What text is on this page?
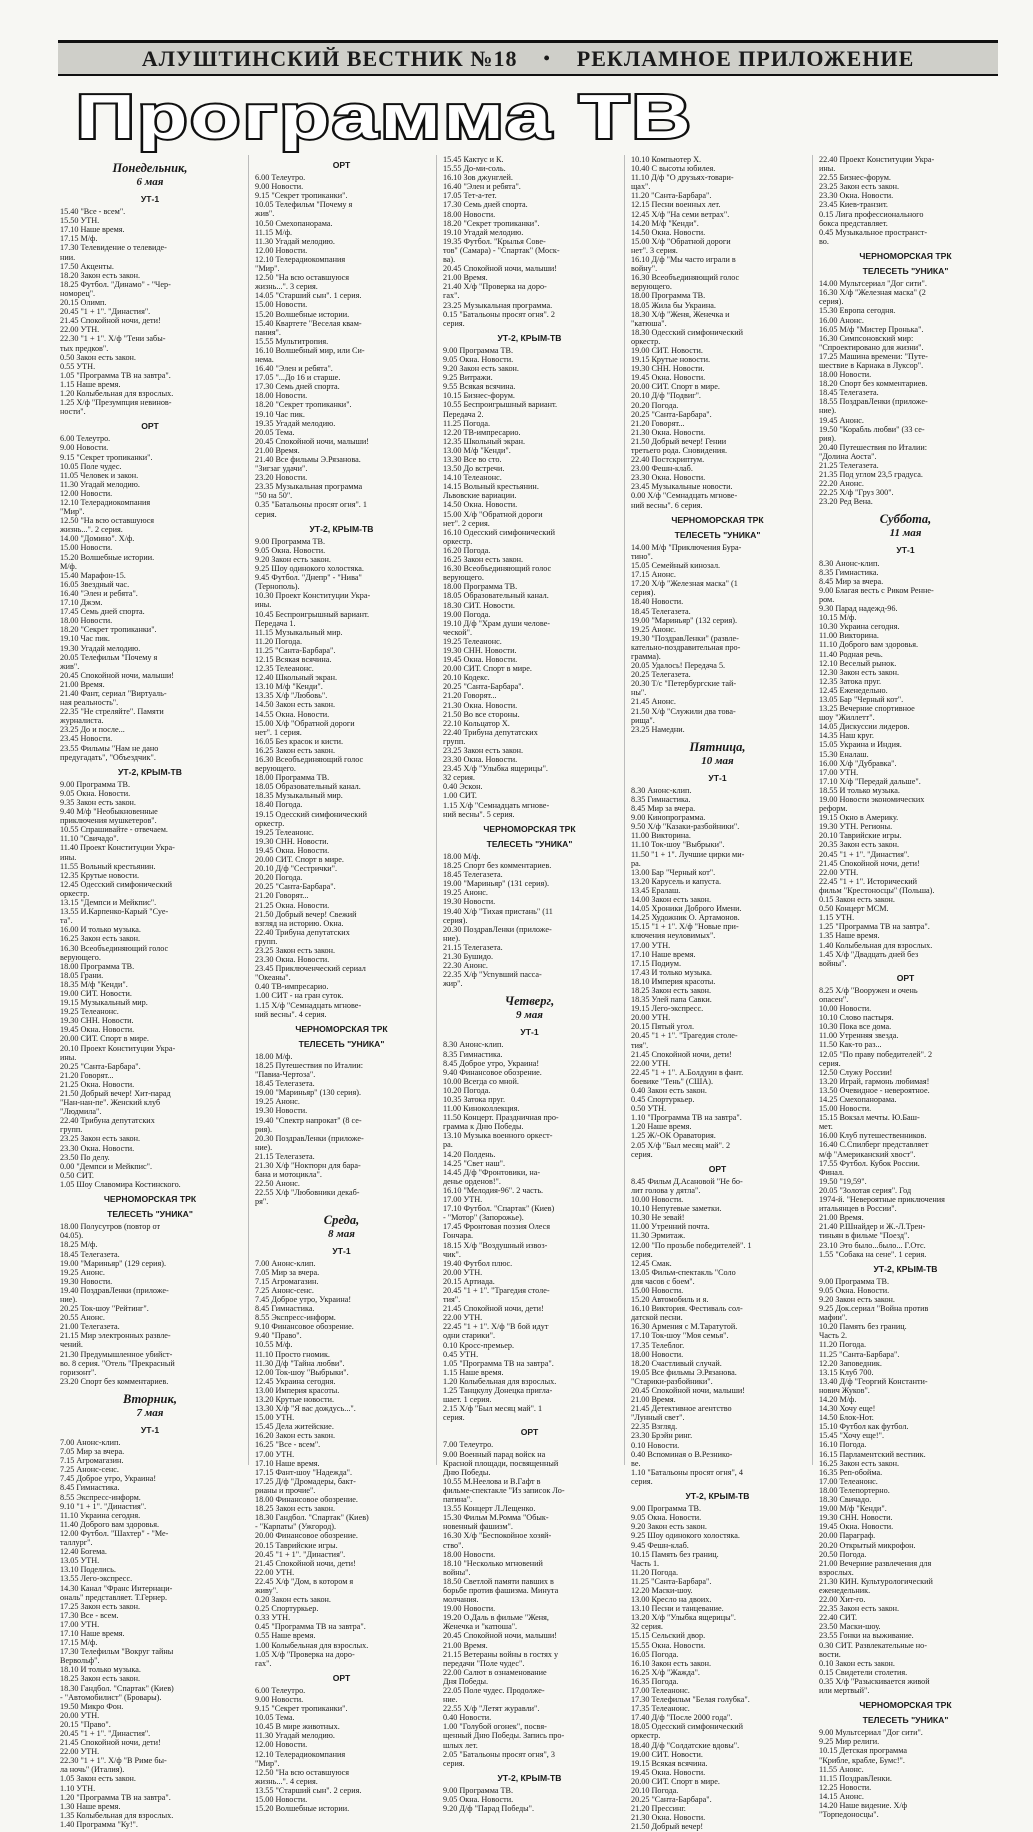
АЛУШТИНСКИЙ ВЕСТНИК №18 • РЕКЛАМНОЕ ПРИЛОЖЕНИЕ
Программа ТВ
Понедельник,
6 мая
УТ-1
15.40 "Все - всем".
15.50 УТН.
17.10 Наше время.
17.15 М/ф.
17.30 Телевидение о телевиде-
нии.
17.50 Акценты.
18.20 Закон есть закон.
18.25 Футбол. "Динамо" - "Чер-
номорец".
20.15 Олимп.
20.45 "1 + 1". "Династия".
21.45 Спокойной ночи, дети!
22.00 УТН.
22.30 "1 + 1". Х/ф "Тени забы-
тых предков".
0.50 Закон есть закон.
0.55 УТН.
1.05 "Программа ТВ на завтра".
1.15 Наше время.
1.20 Колыбельная для взрослых.
1.25 Х/ф "Презумпция невинов-
ности".
ОРТ
6.00 Телеутро.
9.00 Новости.
9.15 "Секрет тропиканки".
10.05 Поле чудес.
11.05 Человек и закон.
11.30 Угадай мелодию.
12.00 Новости.
12.10 Телерадиокомпания
"Мир".
12.50 "На всю оставшуюся
жизнь...". 2 серия.
14.00 "Домино". Х/ф.
15.00 Новости.
15.20 Волшебные истории.
М/ф.
15.40 Марафон-15.
16.05 Звездный час.
16.40 "Элен и ребята".
17.10 Джэм.
17.45 Семь дней спорта.
18.00 Новости.
18.20 "Секрет тропиканки".
19.10 Час пик.
19.30 Угадай мелодию.
20.05 Телефильм "Почему я
жив".
20.45 Спокойной ночи, малыши!
21.00 Время.
21.40 Фант, сериал "Виртуаль-
ная реальность".
22.35 "Не стреляйте". Памяти
журналиста.
23.25 До и после...
23.45 Новости.
23.55 Фильмы "Нам не дано
предугадать", "Объездчик".
УТ-2, КРЫМ-ТВ
9.00 Программа ТВ.
9.05 Окна. Новости.
9.35 Закон есть закон.
9.40 М/ф "Необыкновенные
приключения мушкетеров".
10.55 Спрашивайте - отвечаем.
11.10 "Свичадо".
11.40 Проект Конституции Укра-
ины.
11.55 Вольный крестьянин.
12.35 Крутые новости.
12.45 Одесский симфонический
оркестр.
13.15 "Демпси и Мейкпис".
13.55 И.Карпенко-Карый "Суе-
та".
16.00 И только музыка.
16.25 Закон есть закон.
16.30 Всеобъединяющий голос
верующего.
18.00 Программа ТВ.
18.05 Грани.
18.35 М/ф "Кенди".
19.00 СИТ. Новости.
19.15 Музыкальный мир.
19.25 Телеанонс.
19.30 СНН. Новости.
19.45 Окна. Новости.
20.00 СИТ. Спорт в мире.
20.10 Проект Конституции Укра-
ины.
20.25 "Санта-Барбара".
21.20 Говорят...
21.25 Окна. Новости.
21.50 Добрый вечер! Хит-парад
"Нан-нан-пе". Женский клуб
"Людмила".
22.40 Трибуна депутатских
групп.
23.25 Закон есть закон.
23.30 Окна. Новости.
23.50 По делу.
0.00 "Демпси и Мейкпис".
0.50 СИТ.
1.05 Шоу Славомира Костинского.
ЧЕРНОМОРСКАЯ ТРК
ТЕЛЕСЕТЬ "УНИКА"
18.00 Полусутров (повтор от
04.05).
18.25 М/ф.
18.45 Телегазета.
19.00 "Мариньяр" (129 серия).
19.25 Анонс.
19.30 Новости.
19.40 ПоздравЛенки (приложе-
ние).
20.25 Ток-шоу "Рейтинг".
20.55 Анонс.
21.00 Телегазета.
21.15 Мир электронных развле-
чений.
21.30 Предумышленное убийст-
во. 8 серия. "Отель "Прекрасный
горизонт".
23.20 Спорт без комментариев.
Вторник,
7 мая
УТ-1
7.00 Анонс-клип.
7.05 Мир за вчера.
7.15 Агромагазин.
7.25 Анонс-сенс.
7.45 Доброе утро, Украина!
8.45 Гимнастика.
8.55 Экспресс-информ.
9.10 "1 + 1". "Династия".
11.10 Украина сегодня.
11.40 Доброго вам здоровья.
12.00 Футбол. "Шахтер" - "Ме-
таллург".
12.40 Богема.
13.05 УТН.
13.10 Поделись.
13.55 Лего-экспресс.
14.30 Канал "Франс Интернаци-
ональ" представляет. Т.Гернер.
17.25 Закон есть закон.
17.30 Все - всем.
17.00 УТН.
17.10 Наше время.
17.15 М/ф.
17.30 Телефильм "Вокруг тайны
Вервольф".
18.10 И только музыка.
18.25 Закон есть закон.
18.30 Гандбол. "Спартак" (Киев)
- "Автомобилист" (Бровары).
19.50 Микро Фон.
20.00 УТН.
20.15 "Право".
20.45 "1 + 1". "Династия".
21.45 Спокойной ночи, дети!
22.00 УТН.
22.30 "1 + 1". Х/ф "В Риме бы-
ла ночь" (Италия).
1.05 Закон есть закон.
1.10 УТН.
1.20 "Программа ТВ на завтра".
1.30 Наше время.
1.35 Колыбельная для взрослых.
1.40 Программа "Ку!".
ОРТ
6.00 Телеутро.
9.00 Новости.
9.15 "Секрет тропиканки".
10.05 Телефильм "Почему я
жив".
10.50 Смехопанорама.
11.15 М/ф.
11.30 Угадай мелодию.
12.00 Новости.
12.10 Телерадиокомпания
"Мир".
12.50 "На всю оставшуюся
жизнь...". 3 серия.
14.05 "Старший сын". 1 серия.
15.00 Новости.
15.20 Волшебные истории.
15.40 Квартете "Веселая квам-
пания".
15.55 Мультитропия.
16.10 Волшебный мир, или Си-
нема.
16.40 "Элен и ребята".
17.05 "...До 16 и старше.
17.30 Семь дней спорта.
18.00 Новости.
18.20 "Секрет тропиканки".
19.10 Час пик.
19.35 Угадай мелодию.
20.05 Тема.
20.45 Спокойной ночи, малыши!
21.00 Время.
21.40 Все фильмы Э.Рязанова.
"Зигзаг удачи".
23.20 Новости.
23.35 Музыкальная программа
"50 на 50".
0.35 "Батальоны просят огня". 1
серия.
УТ-2, КРЫМ-ТВ
9.00 Программа ТВ.
9.05 Окна. Новости.
9.20 Закон есть закон.
9.25 Шоу одинокого холостяка.
9.45 Футбол. "Днепр" - "Нива"
(Тернополь).
10.30 Проект Конституции Укра-
ины.
10.45 Беспроигрышный вариант.
Передача 1.
11.15 Музыкальный мир.
11.20 Погода.
11.25 "Санта-Барбара".
12.15 Всякая всячина.
12.35 Телеанонс.
12.40 Школьный экран.
13.10 М/ф "Кенди".
13.35 Х/ф "Любовь".
14.50 Закон есть закон.
14.55 Окна. Новости.
15.00 Х/ф "Обратной дороги
нет". 1 серия.
16.05 Без красок и кисти.
16.25 Закон есть закон.
16.30 Всеобъединяющий голос
верующего.
18.00 Программа ТВ.
18.05 Образовательный канал.
18.35 Музыкальный мир.
18.40 Погода.
19.15 Одесский симфонический
оркестр.
19.25 Телеанонс.
19.30 СНН. Новости.
19.45 Окна. Новости.
20.00 СИТ. Спорт в мире.
20.10 Д/ф "Сестрички".
20.20 Погода.
20.25 "Санта-Барбара".
21.20 Говорят...
21.25 Окна. Новости.
21.50 Добрый вечер! Свежий
взгляд на историю. Окна.
22.40 Трибуна депутатских
групп.
23.25 Закон есть закон.
23.30 Окна. Новости.
23.45 Приключенческий сериал
"Океаны".
0.40 ТВ-импресарио.
1.00 СИТ - на гран суток.
1.15 Х/ф "Семнадцать мгнове-
ний весны". 4 серия.
ЧЕРНОМОРСКАЯ ТРК
ТЕЛЕСЕТЬ "УНИКА"
18.00 М/ф.
18.25 Путешествия по Италии:
"Павиа-Чертоза".
18.45 Телегазета.
19.00 "Мариньяр" (130 серия).
19.25 Анонс.
19.30 Новости.
19.40 "Спектр напрокат" (8 се-
рия).
20.30 ПоздравЛенки (приложе-
ние).
21.15 Телегазета.
21.30 Х/ф "Ноктюрн для бара-
бана и мотоцикла".
22.50 Анонс.
22.55 Х/ф "Любовники декаб-
ря".
Среда,
8 мая
УТ-1
7.00 Анонс-клип.
7.05 Мир за вчера.
7.15 Агромагазин.
7.25 Анонс-сенс.
7.45 Доброе утро, Украина!
8.45 Гимнастика.
8.55 Экспресс-информ.
9.10 Финансовое обозрение.
9.40 "Право".
10.55 М/ф.
11.10 Просто гномик.
11.30 Д/ф "Тайна любви".
12.00 Ток-шоу "Выбрыки".
12.45 Украина сегодня.
13.00 Империя красоты.
13.20 Крутые новости.
13.30 Х/ф "Я вас дождусь...".
15.00 УТН.
15.45 Дела житейские.
16.20 Закон есть закон.
16.25 "Все - всем".
17.00 УТН.
17.10 Наше время.
17.15 Фант-шоу "Надежда".
17.25 Д/ф "Дромадеры, бакт-
рианы и прочие".
18.00 Финансовое обозрение.
18.25 Закон есть закон.
18.30 Гандбол. "Спартак" (Киев)
- "Карпаты" (Ужгород).
20.00 Финансовое обозрение.
20.15 Таврийские игры.
20.45 "1 + 1". "Династия".
21.45 Спокойной ночи, дети!
22.00 УТН.
22.45 Х/ф "Дом, в котором я
живу".
0.20 Закон есть закон.
0.25 Спортуркьер.
0.33 УТН.
0.45 "Программа ТВ на завтра".
0.55 Наше время.
1.00 Колыбельная для взрослых.
1.05 Х/ф "Проверка на доро-
гах".
ОРТ
6.00 Телеутро.
9.00 Новости.
9.15 "Секрет тропиканки".
10.05 Тема.
10.45 В мире животных.
11.30 Угадай мелодию.
12.00 Новости.
12.10 Телерадиокомпания
"Мир".
12.50 "На всю оставшуюся
жизнь...". 4 серия.
13.55 "Старший сын". 2 серия.
15.00 Новости.
15.20 Волшебные истории.
15.45 Кактус и К.
15.55 До-ми-соль.
16.10 Зов джунглей.
16.40 "Элен и ребята".
17.05 Тет-а-тет.
17.30 Семь дней спорта.
18.00 Новости.
18.20 "Секрет тропиканки".
19.10 Угадай мелодию.
19.35 Футбол. "Крылья Сове-
тов" (Самара) - "Спартак" (Моск-
ва).
20.45 Спокойной ночи, малыши!
21.00 Время.
21.40 Х/ф "Проверка на доро-
гах".
23.25 Музыкальная программа.
0.15 "Батальоны просят огня". 2
серия.
УТ-2, КРЫМ-ТВ
9.00 Программа ТВ.
9.05 Окна. Новости.
9.20 Закон есть закон.
9.25 Витражи.
9.55 Всякая всячина.
10.15 Бизнес-форум.
10.55 Беспроигрышный вариант.
Передача 2.
11.25 Погода.
12.20 ТВ-импресарио.
12.35 Школьный экран.
13.00 М/ф "Кенди".
13.30 Все во сто.
13.50 До встречи.
14.10 Телеанонс.
14.15 Вольный крестьянин.
Львовские вариации.
14.50 Окна. Новости.
15.00 Х/ф "Обратной дороги
нет". 2 серия.
16.10 Одесский симфонический
оркестр.
16.20 Погода.
16.25 Закон есть закон.
16.30 Всеобъединяющий голос
верующего.
18.00 Программа ТВ.
18.05 Образовательный канал.
18.30 СИТ. Новости.
19.00 Погода.
19.10 Д/ф "Храм души челове-
ческой".
19.25 Телеанонс.
19.30 СНН. Новости.
19.45 Окна. Новости.
20.00 СИТ. Спорт в мире.
20.10 Кодекс.
20.25 "Санта-Барбара".
21.20 Говорят...
21.30 Окна. Новости.
21.50 Во все стороны.
22.10 Кольцатор Х.
22.40 Трибуна депутатских
групп.
23.25 Закон есть закон.
23.30 Окна. Новости.
23.45 Х/ф "Улыбка ящерицы".
32 серия.
0.40 Эскон.
1.00 СИТ.
1.15 Х/ф "Семнадцать мгнове-
ний весны". 5 серия.
ЧЕРНОМОРСКАЯ ТРК
ТЕЛЕСЕТЬ "УНИКА"
18.00 М/ф.
18.25 Спорт без комментариев.
18.45 Телегазета.
19.00 "Мариньяр" (131 серия).
19.25 Анонс.
19.30 Новости.
19.40 Х/ф "Тихая пристань" (11
серия).
20.30 ПоздравЛенки (приложе-
ние).
21.15 Телегазета.
21.30 Бушидо.
22.30 Анонс.
22.35 Х/ф "Усnувший пасса-
жир".
Четверг,
9 мая
УТ-1
8.30 Анонс-клип.
8.35 Гимнастика.
8.45 Доброе утро, Украина!
9.40 Финансовое обозрение.
10.00 Всегда со мной.
10.20 Погода.
10.35 Затока пруг.
11.00 Киноколлекция.
11.50 Концерт. Праздничная про-
грамма к Дню Победы.
13.10 Музыка военного оркест-
ра.
14.20 Полдень.
14.25 "Свет наш".
14.45 Д/ф "Фронтовики, на-
денье орденов!".
16.10 "Мелодия-96". 2 часть.
17.00 УТН.
17.10 Футбол. "Спартак" (Киев)
- "Мотор" (Запорожье).
17.45 Фронтовая поэзия Олеся
Гончара.
18.15 Х/ф "Воздушный извоз-
чик".
19.40 Футбол плюс.
20.00 УТН.
20.15 Артиада.
20.45 "1 + 1". "Трагедия столе-
тия".
21.45 Спокойной ночи, дети!
22.00 УТН.
22.45 "1 + 1". Х/ф "В бой идут
одни старики".
0.10 Кросс-премьер.
0.45 УТН.
1.05 "Программа ТВ на завтра".
1.15 Наше время.
1.20 Колыбельная для взрослых.
1.25 Танцкулу Донецка пригла-
шает. 1 серия.
2.15 Х/ф "Был месяц май". 1
серия.
ОРТ
7.00 Телеутро.
9.00 Военный парад войск на
Красной площади, посвященный
Дню Победы.
10.55 М.Неелова и В.Гафт в
фильме-спектакле "Из записок Ло-
патина".
13.55 Концерт Л.Лещенко.
15.30 Фильм М.Ромма "Обык-
новенный фашизм".
16.30 Х/ф "Беспокойное хозяй-
ство".
18.00 Новости.
18.10 "Несколько мгновений
войны".
18.50 Светлой памяти павших в
борьбе против фашизма. Минута
молчания.
19.00 Новости.
19.20 О.Даль в фильме "Женя,
Женечка и "катюша".
20.45 Спокойной ночи, малыши!
21.00 Время.
21.15 Ветераны войны в гостях у
передачи "Поле чудес".
22.00 Салют в ознаменование
Дня Победы.
22.05 Поле чудес. Продолже-
ние.
22.55 Х/ф "Летят журавли".
0.40 Новости.
1.00 "Голубой огонек", посвя-
щенный Дню Победы. Запись про-
шлых лет.
2.05 "Батальоны просят огня", 3
серия.
УТ-2, КРЫМ-ТВ
9.00 Программа ТВ.
9.05 Окна. Новости.
9.20 Д/ф "Парад Победы".
10.10 Компьютер Х.
10.40 С высоты юбилея.
11.10 Д/ф "О друзьях-товари-
щах".
11.20 "Санта-Барбара".
12.15 Песни военных лет.
12.45 Х/ф "На семи ветрах".
14.20 М/ф "Кенди".
14.50 Окна. Новости.
15.00 Х/ф "Обратной дороги
нет". 3 серия.
16.10 Д/ф "Мы часто играли в
войну".
16.30 Всеобъединяющий голос
верующего.
18.00 Программа ТВ.
18.05 Жила бы Украина.
18.30 Х/ф "Женя, Женечка и
"катюша".
18.30 Одесский симфонический
оркестр.
19.00 СИТ. Новости.
19.15 Крутые новости.
19.30 СНН. Новости.
19.45 Окна. Новости.
20.00 СИТ. Спорт в мире.
20.10 Д/ф "Подвиг".
20.20 Погода.
20.25 "Санта-Барбара".
21.20 Говорят...
21.30 Окна. Новости.
21.50 Добрый вечер! Гении
третьего рода. Сновидения.
22.40 Постскриптум.
23.00 Фешн-клаб.
23.30 Окна. Новости.
23.45 Музыкальные новости.
0.00 Х/ф "Семнадцать мгнове-
ний весны". 6 серия.
ЧЕРНОМОРСКАЯ ТРК
ТЕЛЕСЕТЬ "УНИКА"
14.00 М/ф "Приключения Бура-
тино".
15.05 Семейный кинозал.
17.15 Анонс.
17.20 Х/ф "Железная маска" (1
серия).
18.40 Новости.
18.45 Телегазета.
19.00 "Мариньяр" (132 серия).
19.25 Анонс.
19.30 "ПоздравЛенки" (развле-
кательно-поздравительная про-
грамма).
20.05 Удалось! Передача 5.
20.25 Телегазета.
20.30 Т/с "Петербургские тай-
ны".
21.45 Анонс.
21.50 Х/ф "Служили два това-
рища".
23.25 Намедни.
Пятница,
10 мая
УТ-1
8.30 Анонс-клип.
8.35 Гимнастика.
8.45 Мир за вчера.
9.00 Кинопрограмма.
9.50 Х/ф "Казаки-разбойники".
11.00 Викторина.
11.10 Ток-шоу "Выбрыки".
11.50 "1 + 1". Лучшие цирки ми-
ра.
13.00 Бар "Черный кот".
13.20 Карусель и капуста.
13.45 Ералаш.
14.00 Закон есть закон.
14.05 Хроники Доброго Имени.
14.25 Художник О. Артамонов.
15.15 "1 + 1". Х/ф "Новые при-
ключения неуловимых".
17.00 УТН.
17.10 Наше время.
17.15 Подиум.
17.43 И только музыка.
18.10 Империя красоты.
18.25 Закон есть закон.
18.35 Улей папа Савки.
19.15 Лего-экспресс.
20.00 УТН.
20.15 Пятый угол.
20.45 "1 + 1". "Трагедия столе-
тия".
21.45 Спокойной ночи, дети!
22.00 УТН.
22.45 "1 + 1". А.Болдуин в фант.
боевике "Тень" (США).
0.40 Закон есть закон.
0.45 Спортуркьер.
0.50 УТН.
1.10 "Программа ТВ на завтра".
1.20 Наше время.
1.25 Ж/-ОК Ораватория.
2.05 Х/ф "Был месяц май". 2
серия.
ОРТ
8.45 Фильм Д.Асановой "Не бо-
лит голова у дятла".
10.00 Новости.
10.10 Непутевые заметки.
10.30 Не зевай!
11.00 Утренний почта.
11.30 Эрмитаж.
12.00 "По прозьбе победителей". 1
серия.
12.45 Смак.
13.05 Фильм-спектакль "Соло
для часов с боем".
15.00 Новости.
15.20 Автомобиль и я.
16.10 Виктория. Фестиваль сол-
датской песни.
16.30 Армения с М.Таратутой.
17.10 Ток-шоу "Моя семья".
17.35 Телеблог.
18.00 Новости.
18.20 Счастливый случай.
19.05 Все фильмы Э.Рязанова.
"Старики-разбойники".
20.45 Спокойной ночи, малыши!
21.00 Время.
21.45 Детективное агентство
"Лунный свет".
22.35 Взгляд.
23.30 Брэйн ринг.
0.10 Новости.
0.40 Вспоминая о В.Резнико-
ве.
1.10 "Батальоны просят огня", 4
серия.
УТ-2, КРЫМ-ТВ
9.00 Программа ТВ.
9.05 Окна. Новости.
9.20 Закон есть закон.
9.25 Шоу одинокого холостяка.
9.45 Фешн-клаб.
10.15 Память без границ.
Часть 1.
11.20 Погода.
11.25 "Санта-Барбара".
12.20 Маски-шоу.
13.00 Кресло на двоих.
13.10 Песни и танцевание.
13.20 Х/ф "Улыбка ящерицы".
32 серия.
15.15 Сельский двор.
15.55 Окна. Новости.
16.05 Погода.
16.10 Закон есть закон.
16.25 Х/ф "Жажда".
16.35 Погода.
17.00 Телеанонс.
17.30 Телефильм "Белая голубка".
17.35 Телеанонс.
17.40 Д/ф "После 2000 года".
18.05 Одесский симфонический
оркестр.
18.40 Д/ф "Солдатские вдовы".
19.00 СИТ. Новости.
19.15 Всякая всячина.
19.45 Окна. Новости.
20.00 СИТ. Спорт в мире.
20.10 Погода.
20.25 "Санта-Барбара".
21.20 Прессинг.
21.30 Окна. Новости.
21.50 Добрый вечер!
22.40 Проект Конституции Укра-
ины.
22.55 Бизнес-форум.
23.25 Закон есть закон.
23.30 Окна. Новости.
23.45 Киев-транзит.
0.15 Лига профессионального
бокса представляет.
0.45 Музыкальное пространст-
во.
ЧЕРНОМОРСКАЯ ТРК
ТЕЛЕСЕТЬ "УНИКА"
14.00 Мультсериал "Дог сити".
16.30 Х/ф "Железная маска" (2
серия).
15.30 Европа сегодня.
16.00 Анонс.
16.05 М/ф "Мистер Пронька".
16.30 Симпсоновский мир:
"Спроектировано для жизни".
17.25 Машина времени: "Путе-
шествие в Карнака в Луксор".
18.00 Новости.
18.20 Спорт без комментариев.
18.45 Телегазета.
18.55 ПоздравЛенки (приложе-
ние).
19.45 Анонс.
19.50 "Корабль любви" (33 се-
рия).
20.40 Путешествия по Италии:
"Долина Аоста".
21.25 Телегазета.
21.35 Под углом 23,5 градуса.
22.20 Анонс.
22.25 Х/ф "Груз 300".
23.20 Ред Вена.
Суббота,
11 мая
УТ-1
8.30 Анонс-клип.
8.35 Гимнастика.
8.45 Мир за вчера.
9.00 Благая весть с Риком Ренне-
ром.
9.30 Парад надежд-96.
10.15 М/ф.
10.30 Украина сегодня.
11.00 Викторина.
11.10 Доброго вам здоровья.
11.40 Родная речь.
12.10 Веселый рынок.
12.30 Закон есть закон.
12.35 Затока пруг.
12.45 Еженедельно.
13.05 Бар "Черный кот".
13.25 Вечерние спортивное
шоу "Жиллетт".
14.05 Дискуссии лидеров.
14.35 Наш круг.
15.05 Украина и Индия.
15.30 Еналаш.
16.00 Х/ф "Дубравка".
17.00 УТН.
17.10 Х/ф "Передай дальше".
18.55 И только музыка.
19.00 Новости экономических
реформ.
19.15 Окно в Америку.
19.30 УТН. Регионы.
20.10 Таврийские игры.
20.35 Закон есть закон.
20.45 "1 + 1". "Династия".
21.45 Спокойной ночи, дети!
22.00 УТН.
22.45 "1 + 1". Исторический
фильм "Крестоносцы" (Польша).
0.15 Закон есть закон.
0.50 Концерт МСМ.
1.15 УТН.
1.25 "Программа ТВ на завтра".
1.35 Наше время.
1.40 Колыбельная для взрослых.
1.45 Х/ф "Двадцать дней без
войны".
ОРТ
8.25 Х/ф "Вооружен и очень
опасен".
10.00 Новости.
10.10 Слово пастыря.
10.30 Пока все дома.
11.00 Утренняя звезда.
11.50 Как-то раз...
12.05 "По праву победителей". 2
серия.
12.50 Служу России!
13.20 Играй, гармонь любимая!
13.50 Очевидное - невероятное.
14.25 Смехопанорама.
15.00 Новости.
15.15 Вокзал мечты. Ю.Баш-
мет.
16.00 Клуб путешественников.
16.40 С.Спилберг представляет
м/ф "Американский хвост".
17.55 Футбол. Кубок России.
Финал.
19.50 "19,59".
20.05 "Золотая серия". Год
1974-й. "Невероятные приключения
итальянцев в России".
21.00 Время.
21.40 Р.Шнайдер и Ж.-Л.Трен-
тиньян в фильме "Поезд".
23.10 Это было...было... Г.Отс.
1.55 "Собака на сене". 1 серия.
УТ-2, КРЫМ-ТВ
9.00 Программа ТВ.
9.05 Окна. Новости.
9.20 Закон есть закон.
9.25 Док.сериал "Война против
мафии".
10.20 Память без границ.
Часть 2.
11.20 Погода.
11.25 "Санта-Барбара".
12.20 Заповедник.
13.15 Клуб 700.
13.40 Д/ф "Георгий Константи-
нович Жуков".
14.20 М/ф.
14.30 Хочу еще!
14.50 Блок-Нот.
15.10 Футбол как футбол.
15.45 "Хочу еще!".
16.10 Погода.
16.15 Парламентский вестник.
16.25 Закон есть закон.
16.35 Реп-обойма.
17.00 Телеанонс.
18.00 Телепортерно.
18.30 Свичадо.
19.00 М/ф "Кенди".
19.30 СНН. Новости.
19.45 Окна. Новости.
20.00 Параграф.
20.20 Открытый микрофон.
20.50 Погода.
21.00 Вечерние развлечения для
взрослых.
21.30 КИН. Культурологический
еженедельник.
22.00 Хит-го.
22.35 Закон есть закон.
22.40 СИТ.
23.50 Маски-шоу.
23.55 Гонки на выживание.
0.30 СИТ. Развлекательные но-
вости.
0.10 Закон есть закон.
0.15 Свидетели столетия.
0.35 Х/ф "Разыскивается живой
или мертвый".
ЧЕРНОМОРСКАЯ ТРК
ТЕЛЕСЕТЬ "УНИКА"
9.00 Мультсериал "Дог сити".
9.25 Мир религи.
10.15 Детская программа
"Крибле, крабле, Бумс!".
11.55 Анонс.
11.15 ПоздравЛенки.
12.25 Новости.
14.15 Анонс.
14.20 Наше видение. Х/ф
"Торпедоносцы".
